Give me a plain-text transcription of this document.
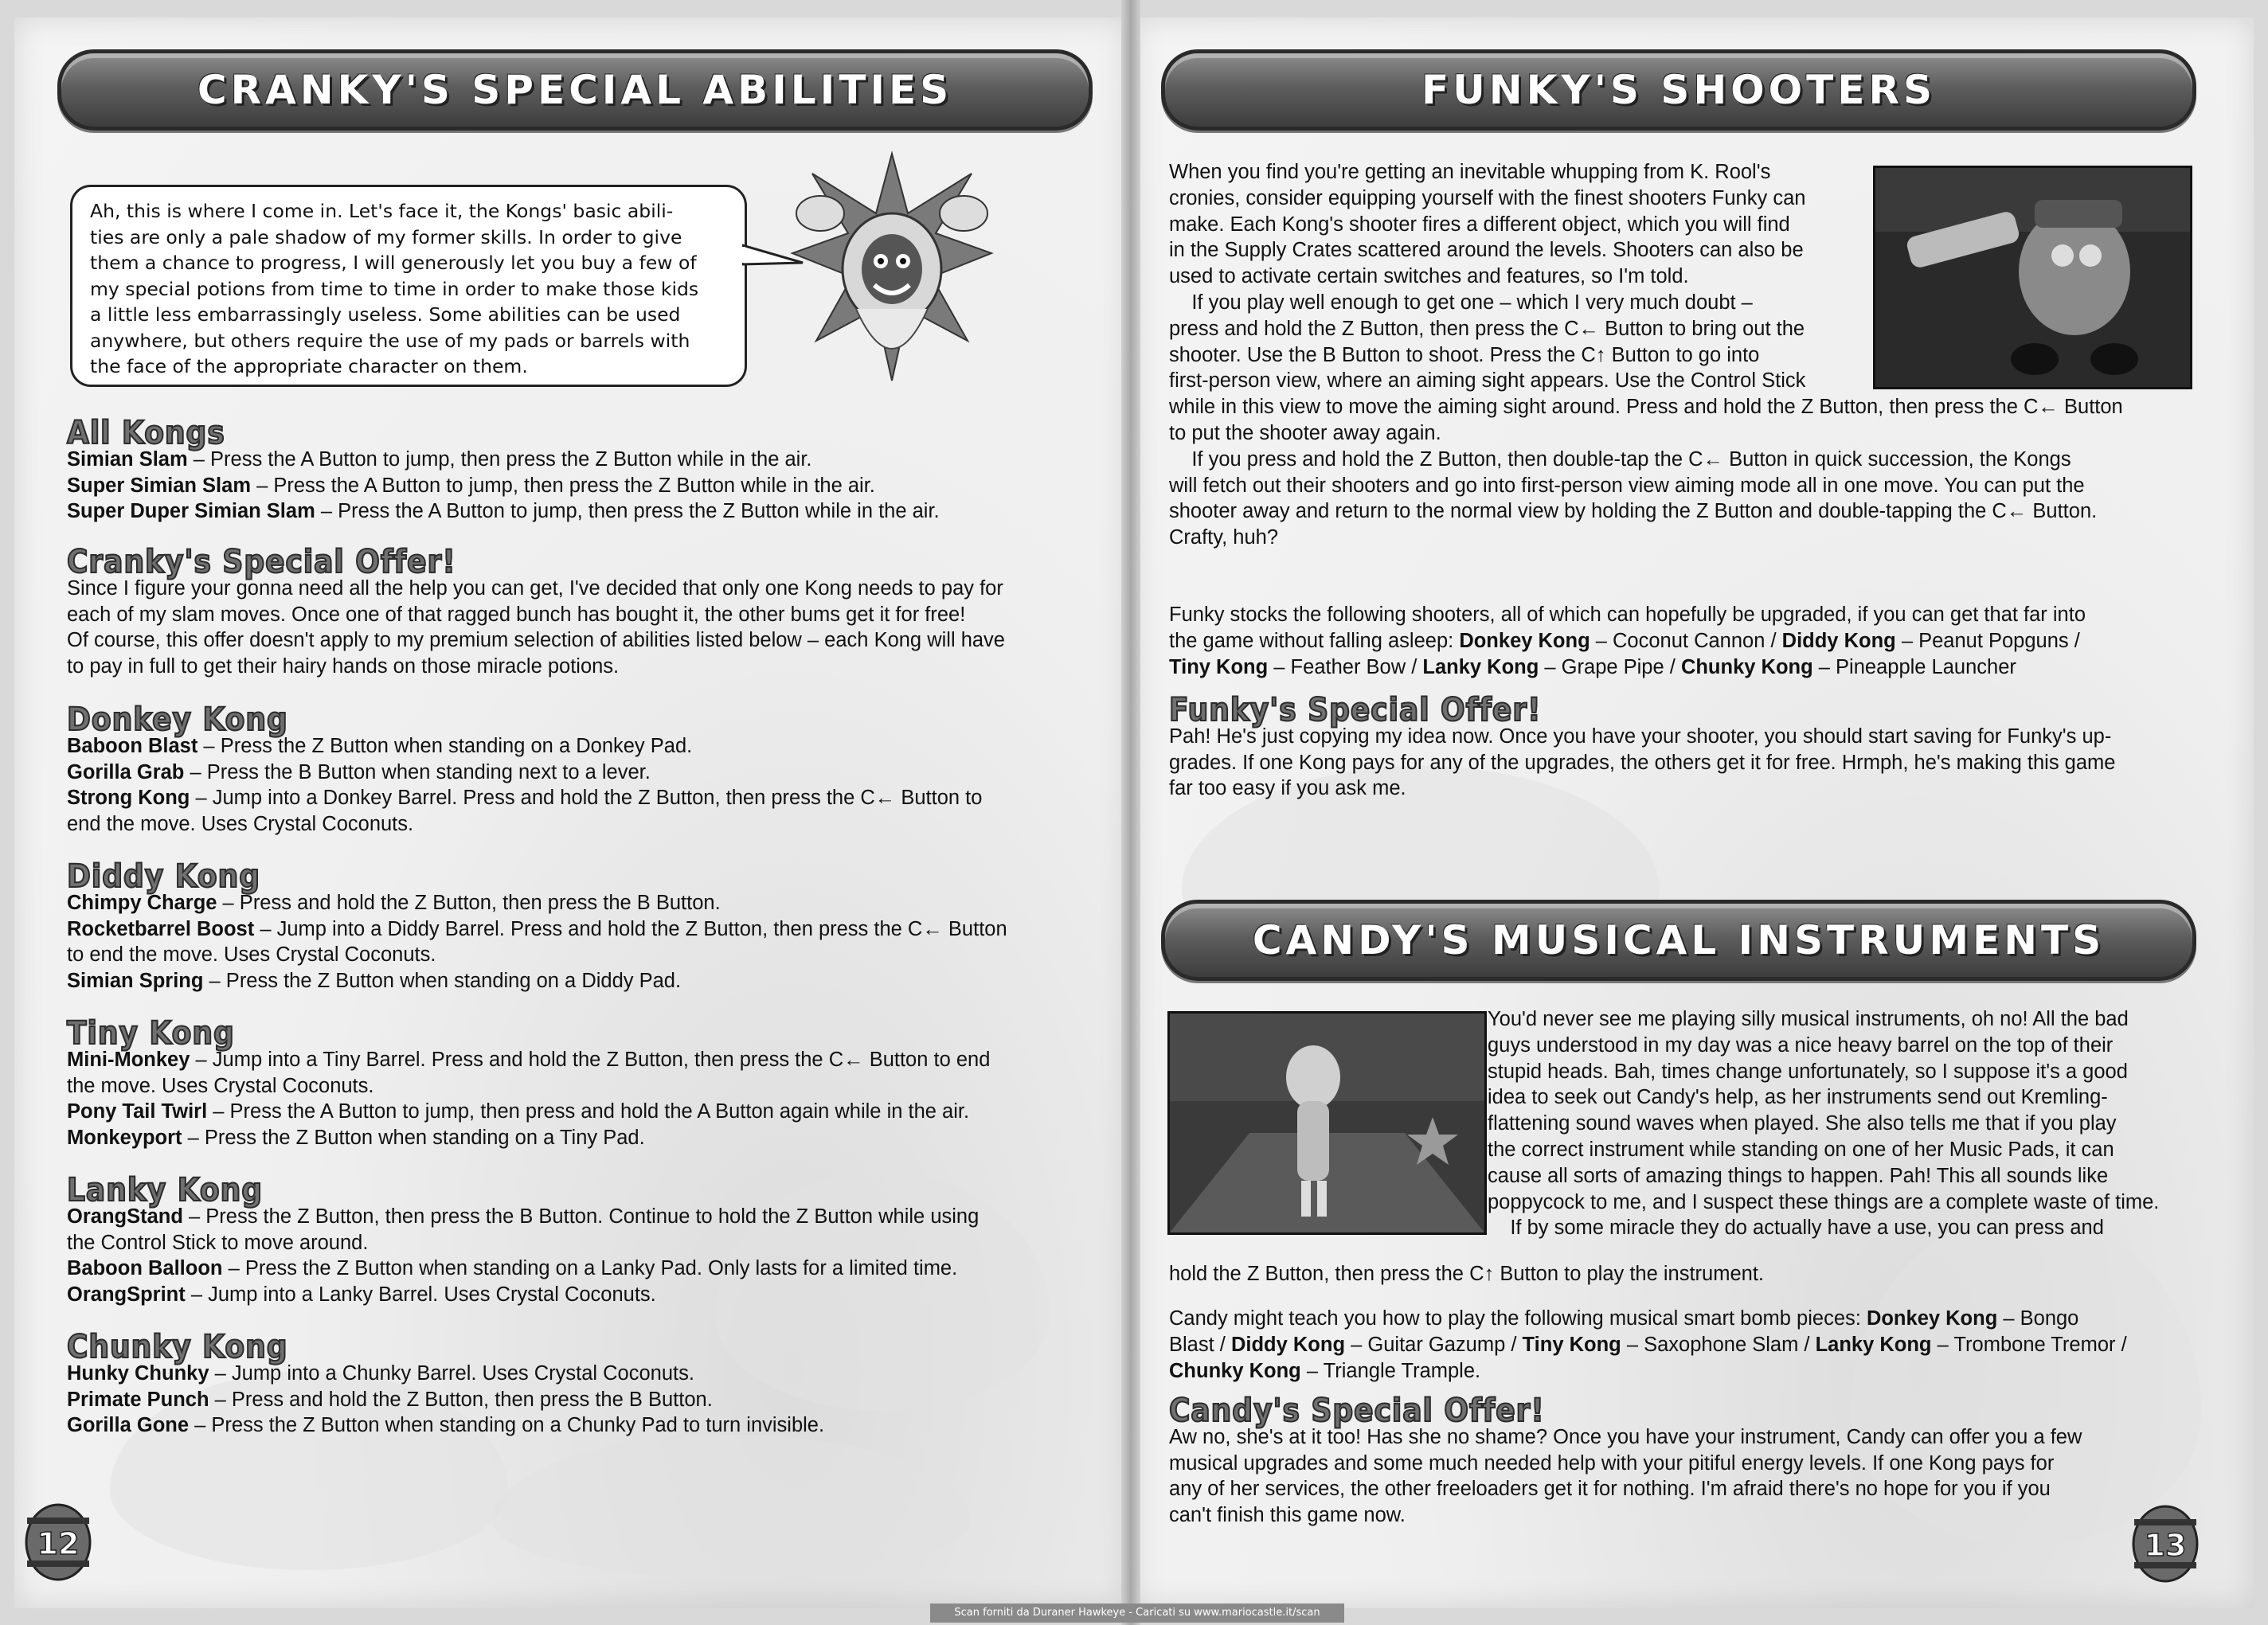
CRANKY'S SPECIAL ABILITIES
Ah, this is where I come in. Let's face it, the Kongs' basic abili-
ties are only a pale shadow of my former skills. In order to give
them a chance to progress, I will generously let you buy a few of
my special potions from time to time in order to make those kids
a little less embarrassingly useless. Some abilities can be used
anywhere, but others require the use of my pads or barrels with
the face of the appropriate character on them.
All Kongs
Simian Slam – Press the A Button to jump, then press the Z Button while in the air.
Super Simian Slam – Press the A Button to jump, then press the Z Button while in the air.
Super Duper Simian Slam – Press the A Button to jump, then press the Z Button while in the air.
Cranky's Special Offer!
Since I figure your gonna need all the help you can get, I've decided that only one Kong needs to pay for
each of my slam moves. Once one of that ragged bunch has bought it, the other bums get it for free!
Of course, this offer doesn't apply to my premium selection of abilities listed below – each Kong will have
to pay in full to get their hairy hands on those miracle potions.
Donkey Kong
Baboon Blast – Press the Z Button when standing on a Donkey Pad.
Gorilla Grab – Press the B Button when standing next to a lever.
Strong Kong – Jump into a Donkey Barrel. Press and hold the Z Button, then press the C← Button to
end the move. Uses Crystal Coconuts.
Diddy Kong
Chimpy Charge – Press and hold the Z Button, then press the B Button.
Rocketbarrel Boost – Jump into a Diddy Barrel. Press and hold the Z Button, then press the C← Button
to end the move. Uses Crystal Coconuts.
Simian Spring – Press the Z Button when standing on a Diddy Pad.
Tiny Kong
Mini-Monkey – Jump into a Tiny Barrel. Press and hold the Z Button, then press the C← Button to end
the move. Uses Crystal Coconuts.
Pony Tail Twirl – Press the A Button to jump, then press and hold the A Button again while in the air.
Monkeyport – Press the Z Button when standing on a Tiny Pad.
Lanky Kong
OrangStand – Press the Z Button, then press the B Button. Continue to hold the Z Button while using
the Control Stick to move around.
Baboon Balloon – Press the Z Button when standing on a Lanky Pad. Only lasts for a limited time.
OrangSprint – Jump into a Lanky Barrel. Uses Crystal Coconuts.
Chunky Kong
Hunky Chunky – Jump into a Chunky Barrel. Uses Crystal Coconuts.
Primate Punch – Press and hold the Z Button, then press the B Button.
Gorilla Gone – Press the Z Button when standing on a Chunky Pad to turn invisible.
12
FUNKY'S SHOOTERS
When you find you're getting an inevitable whupping from K. Rool's
cronies, consider equipping yourself with the finest shooters Funky can
make. Each Kong's shooter fires a different object, which you will find
in the Supply Crates scattered around the levels. Shooters can also be
used to activate certain switches and features, so I'm told.
If you play well enough to get one – which I very much doubt –
press and hold the Z Button, then press the C← Button to bring out the
shooter. Use the B Button to shoot. Press the C↑ Button to go into
first-person view, where an aiming sight appears. Use the Control Stick
while in this view to move the aiming sight around. Press and hold the Z Button, then press the C← Button
to put the shooter away again.
If you press and hold the Z Button, then double-tap the C← Button in quick succession, the Kongs
will fetch out their shooters and go into first-person view aiming mode all in one move. You can put the
shooter away and return to the normal view by holding the Z Button and double-tapping the C← Button.
Crafty, huh?
Funky stocks the following shooters, all of which can hopefully be upgraded, if you can get that far into
the game without falling asleep: Donkey Kong – Coconut Cannon / Diddy Kong – Peanut Popguns /
Tiny Kong – Feather Bow / Lanky Kong – Grape Pipe / Chunky Kong – Pineapple Launcher
Funky's Special Offer!
Pah! He's just copying my idea now. Once you have your shooter, you should start saving for Funky's up-
grades. If one Kong pays for any of the upgrades, the others get it for free. Hrmph, he's making this game
far too easy if you ask me.
CANDY'S MUSICAL INSTRUMENTS
You'd never see me playing silly musical instruments, oh no! All the bad
guys understood in my day was a nice heavy barrel on the top of their
stupid heads. Bah, times change unfortunately, so I suppose it's a good
idea to seek out Candy's help, as her instruments send out Kremling-
flattening sound waves when played. She also tells me that if you play
the correct instrument while standing on one of her Music Pads, it can
cause all sorts of amazing things to happen. Pah! This all sounds like
poppycock to me, and I suspect these things are a complete waste of time.
If by some miracle they do actually have a use, you can press and
hold the Z Button, then press the C↑ Button to play the instrument.
Candy might teach you how to play the following musical smart bomb pieces: Donkey Kong – Bongo
Blast / Diddy Kong – Guitar Gazump / Tiny Kong – Saxophone Slam / Lanky Kong – Trombone Tremor /
Chunky Kong – Triangle Trample.
Candy's Special Offer!
Aw no, she's at it too! Has she no shame? Once you have your instrument, Candy can offer you a few
musical upgrades and some much needed help with your pitiful energy levels. If one Kong pays for
any of her services, the other freeloaders get it for nothing. I'm afraid there's no hope for you if you
can't finish this game now.
13
Scan forniti da Duraner Hawkeye - Caricati su www.mariocastle.it/scan
